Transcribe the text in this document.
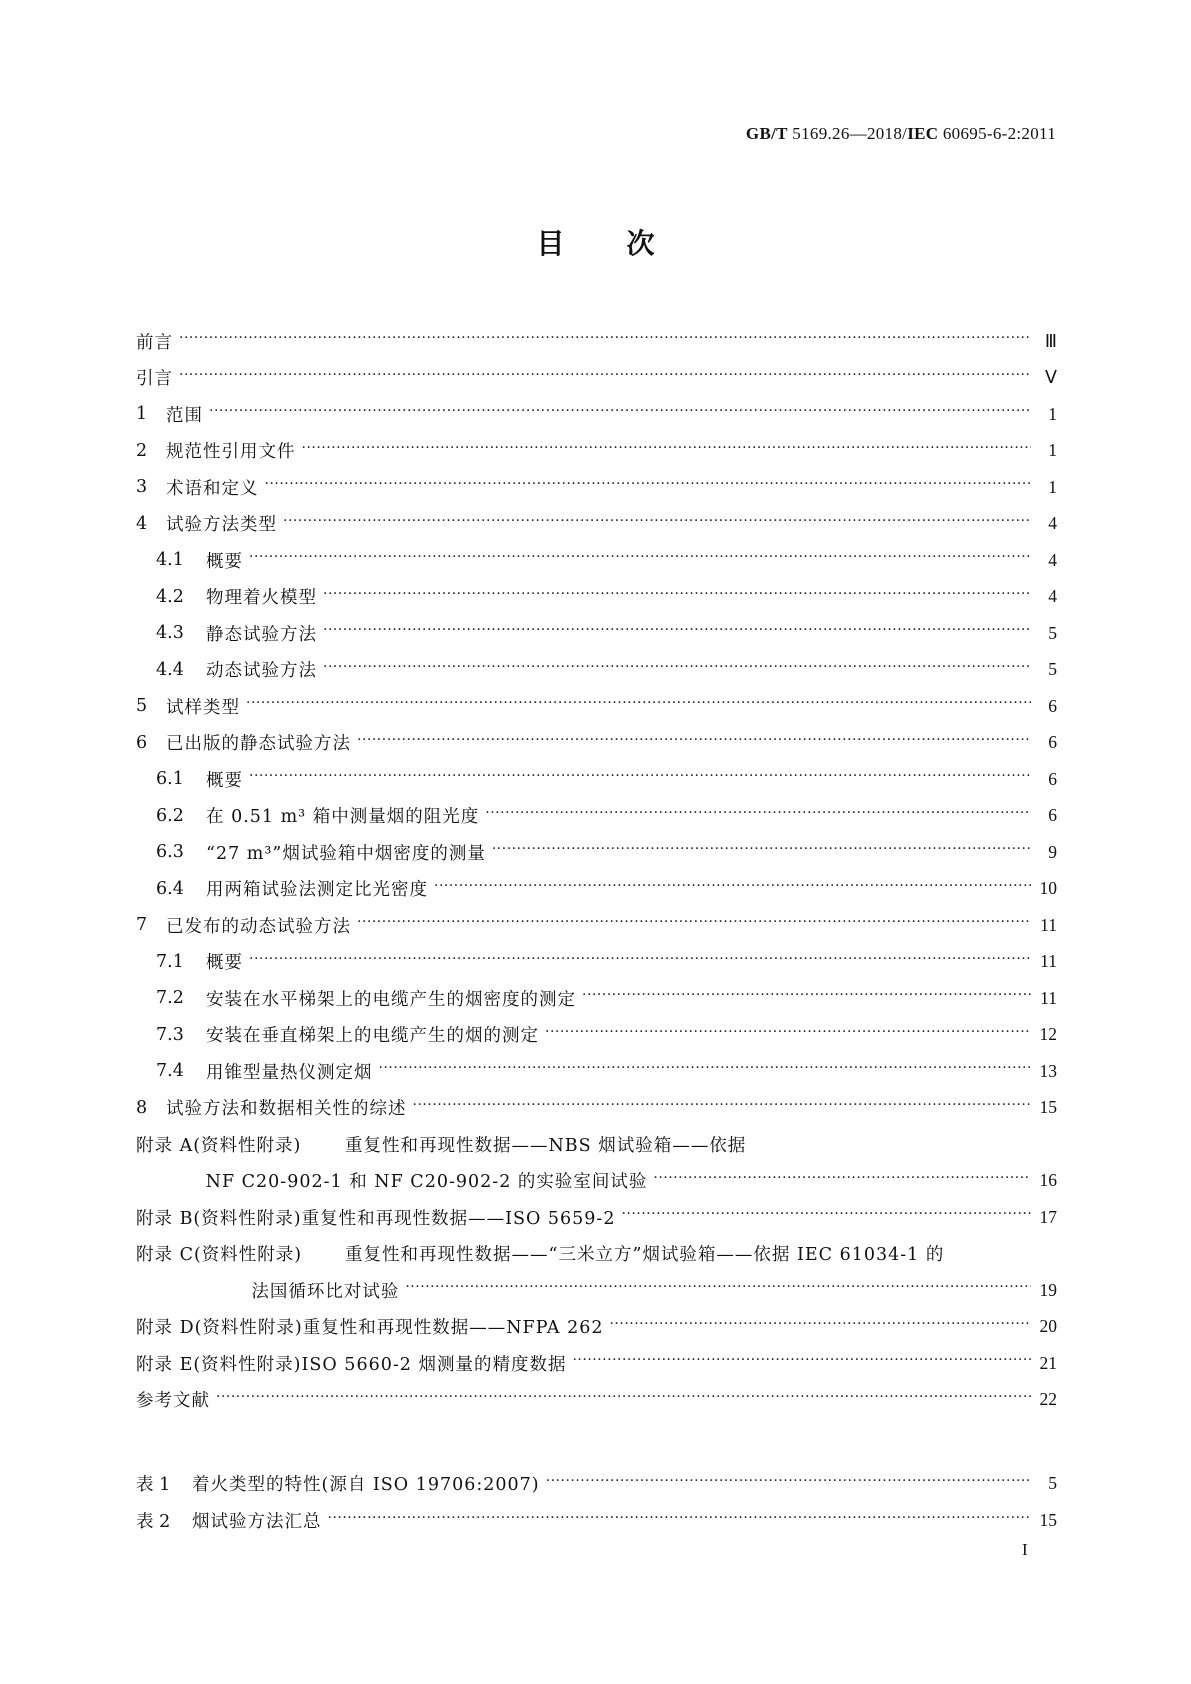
GB/T 5169.26—2018/IEC 60695-6-2:2011
目 次
前言 ·····	Ⅲ
引言 ·····	Ⅴ
1	范围 ·····	1
2	规范性引用文件 ·····	1
3	术语和定义 ·····	1
4	试验方法类型 ·····	4
4.1	概要 ·····	4
4.2	物理着火模型 ·····	4
4.3	静态试验方法 ·····	5
4.4	动态试验方法 ·····	5
5	试样类型 ·····	6
6	已出版的静态试验方法 ·····	6
6.1	概要 ·····	6
6.2	在 0.51 m³ 箱中测量烟的阻光度 ·····	6
6.3	“27 m³”烟试验箱中烟密度的测量 ·····	9
6.4	用两箱试验法测定比光密度 ·····	10
7	已发布的动态试验方法 ·····	11
7.1	概要 ·····	11
7.2	安装在水平梯架上的电缆产生的烟密度的测定 ·····	11
7.3	安装在垂直梯架上的电缆产生的烟的测定 ·····	12
7.4	用锥型量热仪测定烟 ·····	13
8	试验方法和数据相关性的综述 ·····	15
附录 A(资料性附录)	重复性和再现性数据——NBS 烟试验箱——依据
NF C20-902-1 和 NF C20-902-2 的实验室间试验 ·····	16
附录 B(资料性附录) 重复性和再现性数据——ISO 5659-2 ·····	17
附录 C(资料性附录)	重复性和再现性数据——“三米立方”烟试验箱——依据 IEC 61034-1 的
法国循环比对试验 ·····	19
附录 D(资料性附录) 重复性和再现性数据——NFPA 262 ·····	20
附录 E(资料性附录) ISO 5660-2 烟测量的精度数据 ·····	21
参考文献 ·····	22
表 1	着火类型的特性(源自 ISO 19706:2007) ·····	5
表 2	烟试验方法汇总 ·····	15
I
